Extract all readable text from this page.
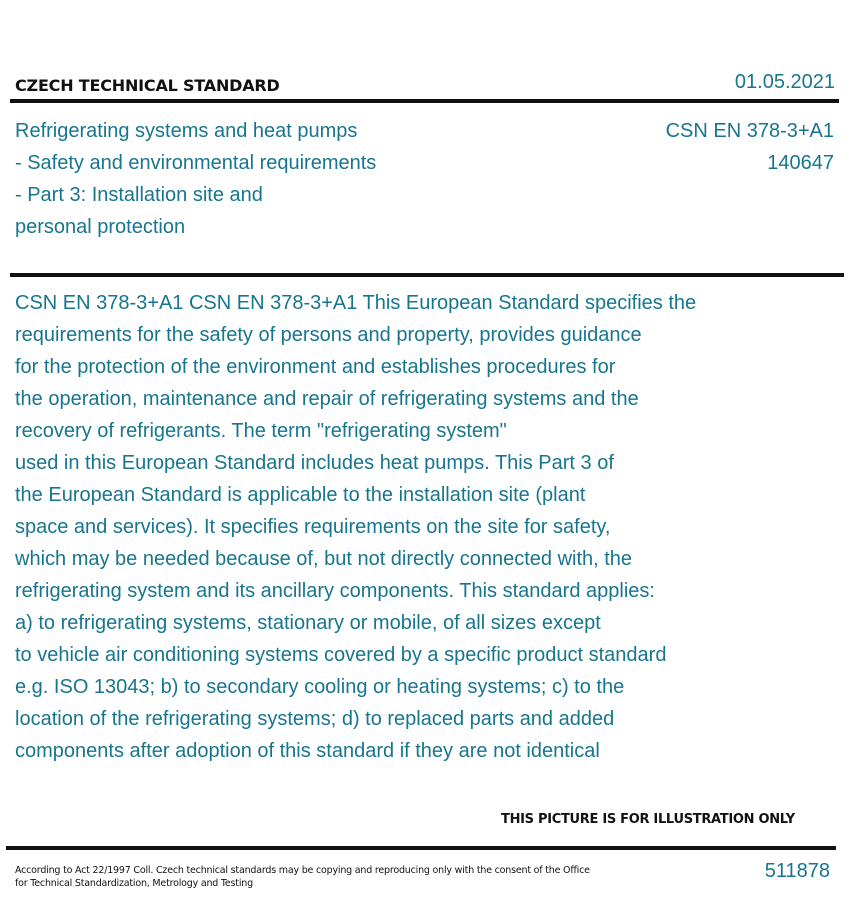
CZECH TECHNICAL STANDARD	01.05.2021
Refrigerating systems and heat pumps
- Safety and environmental requirements
- Part 3: Installation site and
personal protection
CSN EN 378-3+A1
140647
CSN EN 378-3+A1 CSN EN 378-3+A1 This European Standard specifies the
requirements for the safety of persons and property, provides guidance
for the protection of the environment and establishes procedures for
the operation, maintenance and repair of refrigerating systems and the
recovery of refrigerants. The term "refrigerating system"
used in this European Standard includes heat pumps. This Part 3 of
the European Standard is applicable to the installation site (plant
space and services). It specifies requirements on the site for safety,
which may be needed because of, but not directly connected with, the
refrigerating system and its ancillary components. This standard applies:
a) to refrigerating systems, stationary or mobile, of all sizes except
to vehicle air conditioning systems covered by a specific product standard
e.g. ISO 13043; b) to secondary cooling or heating systems; c) to the
location of the refrigerating systems; d) to replaced parts and added
components after adoption of this standard if they are not identical
THIS PICTURE IS FOR ILLUSTRATION ONLY
According to Act 22/1997 Coll. Czech technical standards may be copying and reproducing only with the consent of the Office
for Technical Standardization, Metrology and Testing
511878
